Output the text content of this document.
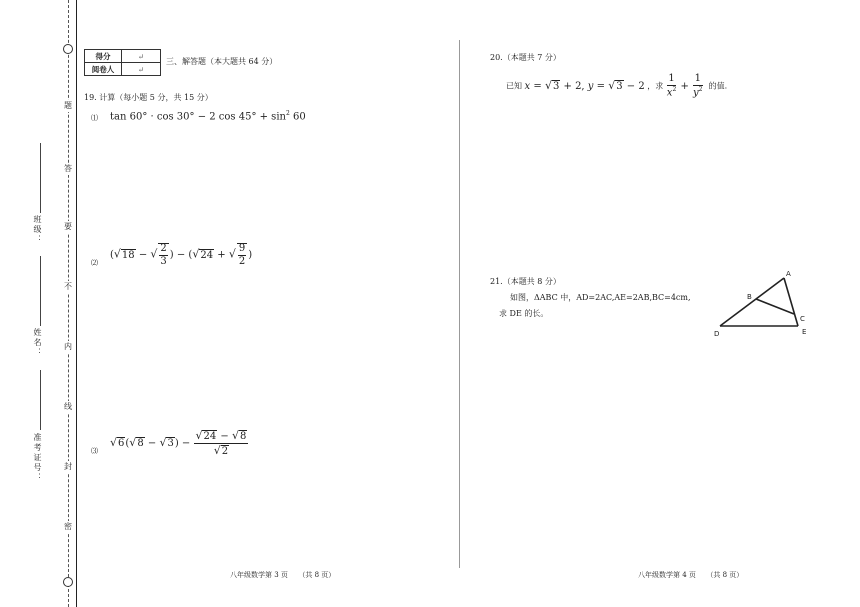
题
答
要
不
内
线
封
密
班级：
姓名：
准考证号：
得分	↵
阅卷人	↵
三、解答题（本大题共 64 分）
19. 计算（每小题 5 分，共 15 分）
⑴ tan 60° · cos 30° − 2 $\cos 45^\circ + \sin^2 60$
⑵
(√18 − √ $\frac{2}{3}$ ) − (√24 + √ $\frac{9}{2}$ )
⑶
$√6(√8 - √3) - \frac{√24 - √8}{√2}$
20.（本题共 7 分）
已知 x = √3 + 2, y = √3 − 2 ，求 $\frac{1}{x^2} + \frac{1}{y^2}$ 的值.
21.（本题共 8 分）
如图，ΔABC 中，AD=2AC,AE=2AB,BC=4cm,
求 DE 的长。
A
B
C
D	E
八年级数学第 3 页　　（共 8 页）	八年级数学第 4 页　　（共 8 页）
